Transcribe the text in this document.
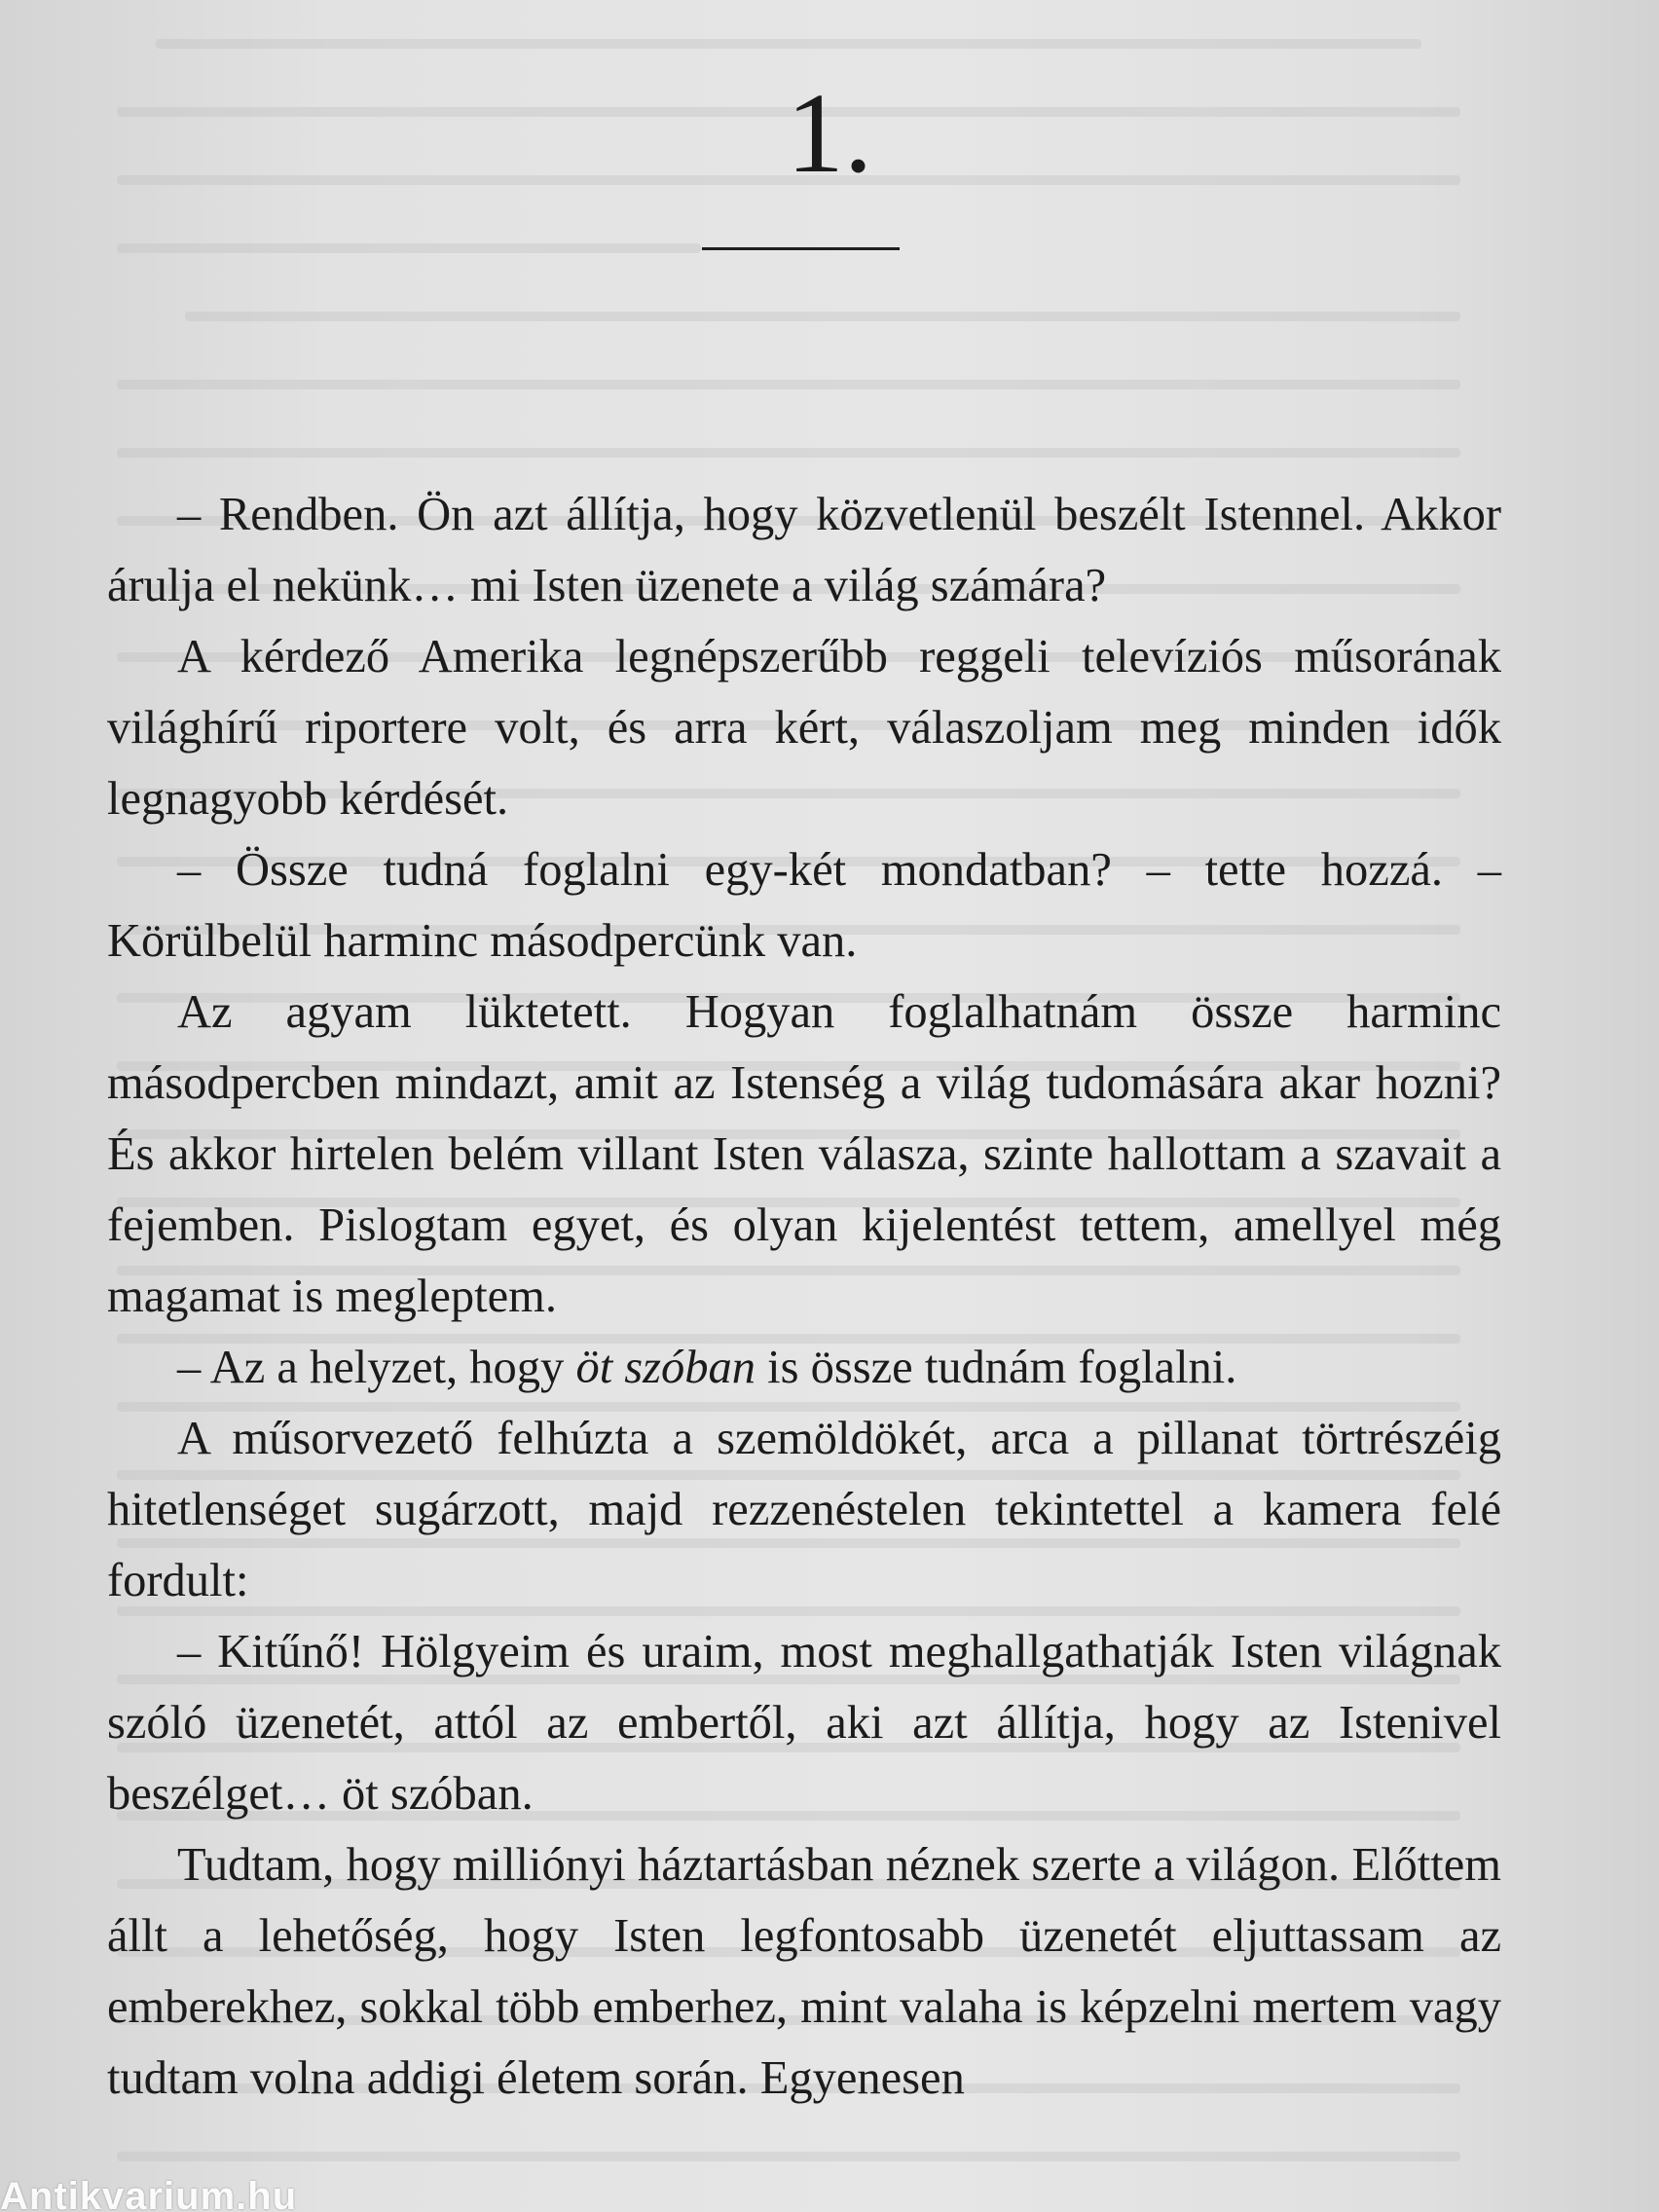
1.

– Rendben. Ön azt állítja, hogy közvetlenül beszélt Istennel. Akkor árulja el nekünk… mi Isten üzenete a világ számára?

A kérdező Amerika legnépszerűbb reggeli televíziós műsorának világhírű riportere volt, és arra kért, válaszoljam meg minden idők legnagyobb kérdését.

– Össze tudná foglalni egy-két mondatban? – tette hozzá. – Körülbelül harminc másodpercünk van.

Az agyam lüktetett. Hogyan foglalhatnám össze harminc másodpercben mindazt, amit az Istenség a világ tudomására akar hozni? És akkor hirtelen belém villant Isten válasza, szinte hallottam a szavait a fejemben. Pislogtam egyet, és olyan kijelentést tettem, amellyel még magamat is megleptem.

– Az a helyzet, hogy öt szóban is össze tudnám foglalni.

A műsorvezető felhúzta a szemöldökét, arca a pillanat törtrészéig hitetlenséget sugárzott, majd rezzenéstelen tekintettel a kamera felé fordult:

– Kitűnő! Hölgyeim és uraim, most meghallgathatják Isten világnak szóló üzenetét, attól az embertől, aki azt állítja, hogy az Istenivel beszélget… öt szóban.

Tudtam, hogy milliónyi háztartásban néznek szerte a világon. Előttem állt a lehetőség, hogy Isten legfontosabb üzenetét eljuttassam az emberekhez, sokkal több emberhez, mint valaha is képzelni mertem vagy tudtam volna addigi életem során. Egyenesen

Antikvarium.hu
